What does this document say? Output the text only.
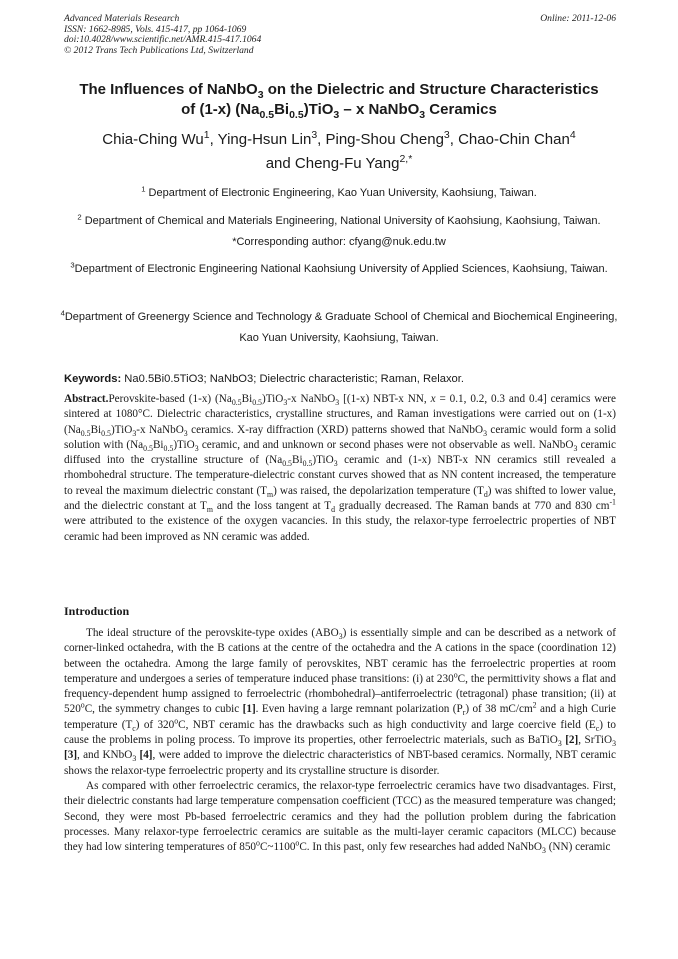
Advanced Materials Research
ISSN: 1662-8985, Vols. 415-417, pp 1064-1069
doi:10.4028/www.scientific.net/AMR.415-417.1064
© 2012 Trans Tech Publications Ltd, Switzerland
Online: 2011-12-06
The Influences of NaNbO$_3$ on the Dielectric and Structure Characteristics
of (1-x) $(Na_{0.5}Bi_{0.5})TiO_3$ – x NaNbO$_3$ Ceramics
Chia-Ching Wu$^1$, Ying-Hsun Lin$^3$, Ping-Shou Cheng$^3$, Chao-Chin Chan$^4$
and Cheng-Fu Yang$^{2,*}$
$^1$ Department of Electronic Engineering, Kao Yuan University, Kaohsiung, Taiwan.
$^2$ Department of Chemical and Materials Engineering, National University of Kaohsiung, Kaohsiung, Taiwan. *Corresponding author: cfyang@nuk.edu.tw
$^3$Department of Electronic Engineering National Kaohsiung University of Applied Sciences, Kaohsiung, Taiwan.
$^4$Department of Greenergy Science and Technology & Graduate School of Chemical and Biochemical Engineering, Kao Yuan University, Kaohsiung, Taiwan.
Keywords: Na0.5Bi0.5TiO3; NaNbO3; Dielectric characteristic; Raman, Relaxor.
Abstract.Perovskite-based (1-x) $(Na_{0.5}Bi_{0.5})TiO_3-x$ NaNbO$_3$ [(1-x) NBT-x NN, x = 0.1, 0.2, 0.3 and 0.4] ceramics were sintered at 1080°C. Dielectric characteristics, crystalline structures, and Raman investigations were carried out on (1-x) $(Na_{0.5}Bi_{0.5})TiO_3-x$ NaNbO$_3$ ceramics. X-ray diffraction (XRD) patterns showed that NaNbO$_3$ ceramic would form a solid solution with $(Na_{0.5}Bi_{0.5})TiO_3$ ceramic, and and unknown or second phases were not observable as well. NaNbO$_3$ ceramic diffused into the crystalline structure of $(Na_{0.5}Bi_{0.5})TiO_3$ ceramic and (1-x) NBT-x NN ceramics still revealed a rhombohedral structure. The temperature-dielectric constant curves showed that as NN content increased, the temperature to reveal the maximum dielectric constant $(T_m)$ was raised, the depolarization temperature $(T_d)$ was shifted to lower value, and the dielectric constant at $T_m$ and the loss tangent at $T_d$ gradually decreased. The Raman bands at 770 and 830 $cm^{-1}$ were attributed to the existence of the oxygen vacancies. In this study, the relaxor-type ferroelectric properties of NBT ceramic had been improved as NN ceramic was added.
Introduction

The ideal structure of the perovskite-type oxides $(ABO_3)$ is essentially simple and can be described as a network of corner-linked octahedra, with the B cations at the centre of the octahedra and the A cations in the space (coordination 12) between the octahedra. Among the large family of perovskites, NBT ceramic has the ferroelectric properties at room temperature and undergoes a series of temperature induced phase transitions: (i) at 230$^o$C, the permittivity shows a flat and frequency-dependent hump assigned to ferroelectric (rhombohedral)–antiferroelectric (tetragonal) phase transition; (ii) at 520$^o$C, the symmetry changes to cubic [1]. Even having a large remnant polarization $(P_r)$ of 38 $mC/cm^2$ and a high Curie temperature $(T_c)$ of 320$^o$C, NBT ceramic has the drawbacks such as high conductivity and large coercive field $(E_c)$ to cause the problems in poling process. To improve its properties, other ferroelectric materials, such as BaTiO$_3$ [2], SrTiO$_3$ [3], and KNbO$_3$ [4], were added to improve the dielectric characteristics of NBT-based ceramics. Normally, NBT ceramic shows the relaxor-type ferroelectric property and its crystalline structure is disorder.

As compared with other ferroelectric ceramics, the relaxor-type ferroelectric ceramics have two disadvantages. First, their dielectric constants had large temperature compensation coefficient (TCC) as the measured temperature was changed; Second, they were most Pb-based ferroelectric ceramics and they had the pollution problem during the fabrication processes. Many relaxor-type ferroelectric ceramics are suitable as the multi-layer ceramic capacitors (MLCC) because they had low sintering temperatures of 850$^o$C~1100$^o$C. In this past, only few researches had added NaNbO$_3$ (NN) ceramic
